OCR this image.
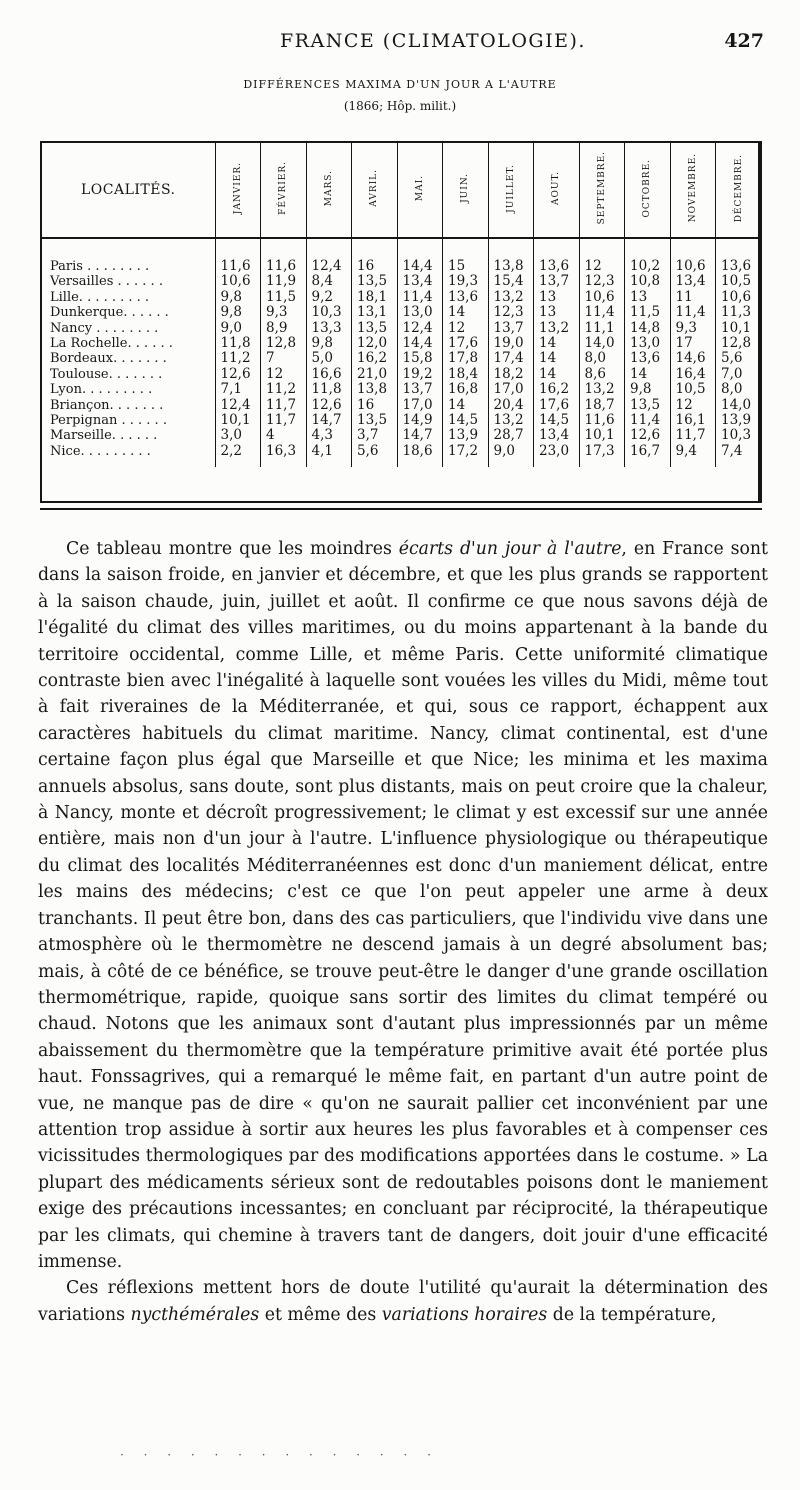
FRANCE (CLIMATOLOGIE).	427
DIFFÉRENCES MAXIMA D'UN JOUR A L'AUTRE
(1866; Hôp. milit.)
LOCALITÉS.	JANVIER.	FÉVRIER.	MARS.	AVRIL.	MAI.	JUIN.	JUILLET.	AOUT.	SEPTEMBRE.	OCTOBRE.	NOVEMBRE.	DÉCEMBRE.
Paris . . . . . . . .	11,6	11,6	12,4	16	14,4	15	13,8	13,6	12	10,2	10,6	13,6
Versailles . . . . . .	10,6	11,9	8,4	13,5	13,4	19,3	15,4	13,7	12,3	10,8	13,4	10,5
Lille. . . . . . . . .	9,8	11,5	9,2	18,1	11,4	13,6	13,2	13	10,6	13	11	10,6
Dunkerque. . . . . .	9,8	9,3	10,3	13,1	13,0	14	12,3	13	11,4	11,5	11,4	11,3
Nancy . . . . . . . .	9,0	8,9	13,3	13,5	12,4	12	13,7	13,2	11,1	14,8	9,3	10,1
La Rochelle. . . . . .	11,8	12,8	9,8	12,0	14,4	17,6	19,0	14	14,0	13,0	17	12,8
Bordeaux. . . . . . .	11,2	7	5,0	16,2	15,8	17,8	17,4	14	8,0	13,6	14,6	5,6
Toulouse. . . . . . .	12,6	12	16,6	21,0	19,2	18,4	18,2	14	8,6	14	16,4	7,0
Lyon. . . . . . . . .	7,1	11,2	11,8	13,8	13,7	16,8	17,0	16,2	13,2	9,8	10,5	8,0
Briançon. . . . . . .	12,4	11,7	12,6	16	17,0	14	20,4	17,6	18,7	13,5	12	14,0
Perpignan . . . . . .	10,1	11,7	14,7	13,5	14,9	14,5	13,2	14,5	11,6	11,4	16,1	13,9
Marseille. . . . . .	3,0	4	4,3	3,7	14,7	13,9	28,7	13,4	10,1	12,6	11,7	10,3
Nice. . . . . . . . .	2,2	16,3	4,1	5,6	18,6	17,2	9,0	23,0	17,3	16,7	9,4	7,4

Ce tableau montre que les moindres écarts d'un jour à l'autre, en France sont dans la saison froide, en janvier et décembre, et que les plus grands se rapportent à la saison chaude, juin, juillet et août. Il confirme ce que nous savons déjà de l'égalité du climat des villes maritimes, ou du moins appartenant à la bande du territoire occidental, comme Lille, et même Paris. Cette uniformité climatique contraste bien avec l'inégalité à laquelle sont vouées les villes du Midi, même tout à fait riveraines de la Méditerranée, et qui, sous ce rapport, échappent aux caractères habituels du climat maritime. Nancy, climat continental, est d'une certaine façon plus égal que Marseille et que Nice; les minima et les maxima annuels absolus, sans doute, sont plus distants, mais on peut croire que la chaleur, à Nancy, monte et décroît progressivement; le climat y est excessif sur une année entière, mais non d'un jour à l'autre. L'influence physiologique ou thérapeutique du climat des localités Méditerranéennes est donc d'un maniement délicat, entre les mains des médecins; c'est ce que l'on peut appeler une arme à deux tranchants. Il peut être bon, dans des cas particuliers, que l'individu vive dans une atmosphère où le thermomètre ne descend jamais à un degré absolument bas; mais, à côté de ce bénéfice, se trouve peut-être le danger d'une grande oscillation thermométrique, rapide, quoique sans sortir des limites du climat tempéré ou chaud. Notons que les animaux sont d'autant plus impressionnés par un même abaissement du thermomètre que la température primitive avait été portée plus haut. Fonssagrives, qui a remarqué le même fait, en partant d'un autre point de vue, ne manque pas de dire « qu'on ne saurait pallier cet inconvénient par une attention trop assidue à sortir aux heures les plus favorables et à compenser ces vicissitudes thermologiques par des modifications apportées dans le costume. » La plupart des médicaments sérieux sont de redoutables poisons dont le maniement exige des précautions incessantes; en concluant par réciprocité, la thérapeutique par les climats, qui chemine à travers tant de dangers, doit jouir d'une efficacité immense.

Ces réflexions mettent hors de doute l'utilité qu'aurait la détermination des variations nycthémérales et même des variations horaires de la température,

· · · · · · · · · · · · · ·
